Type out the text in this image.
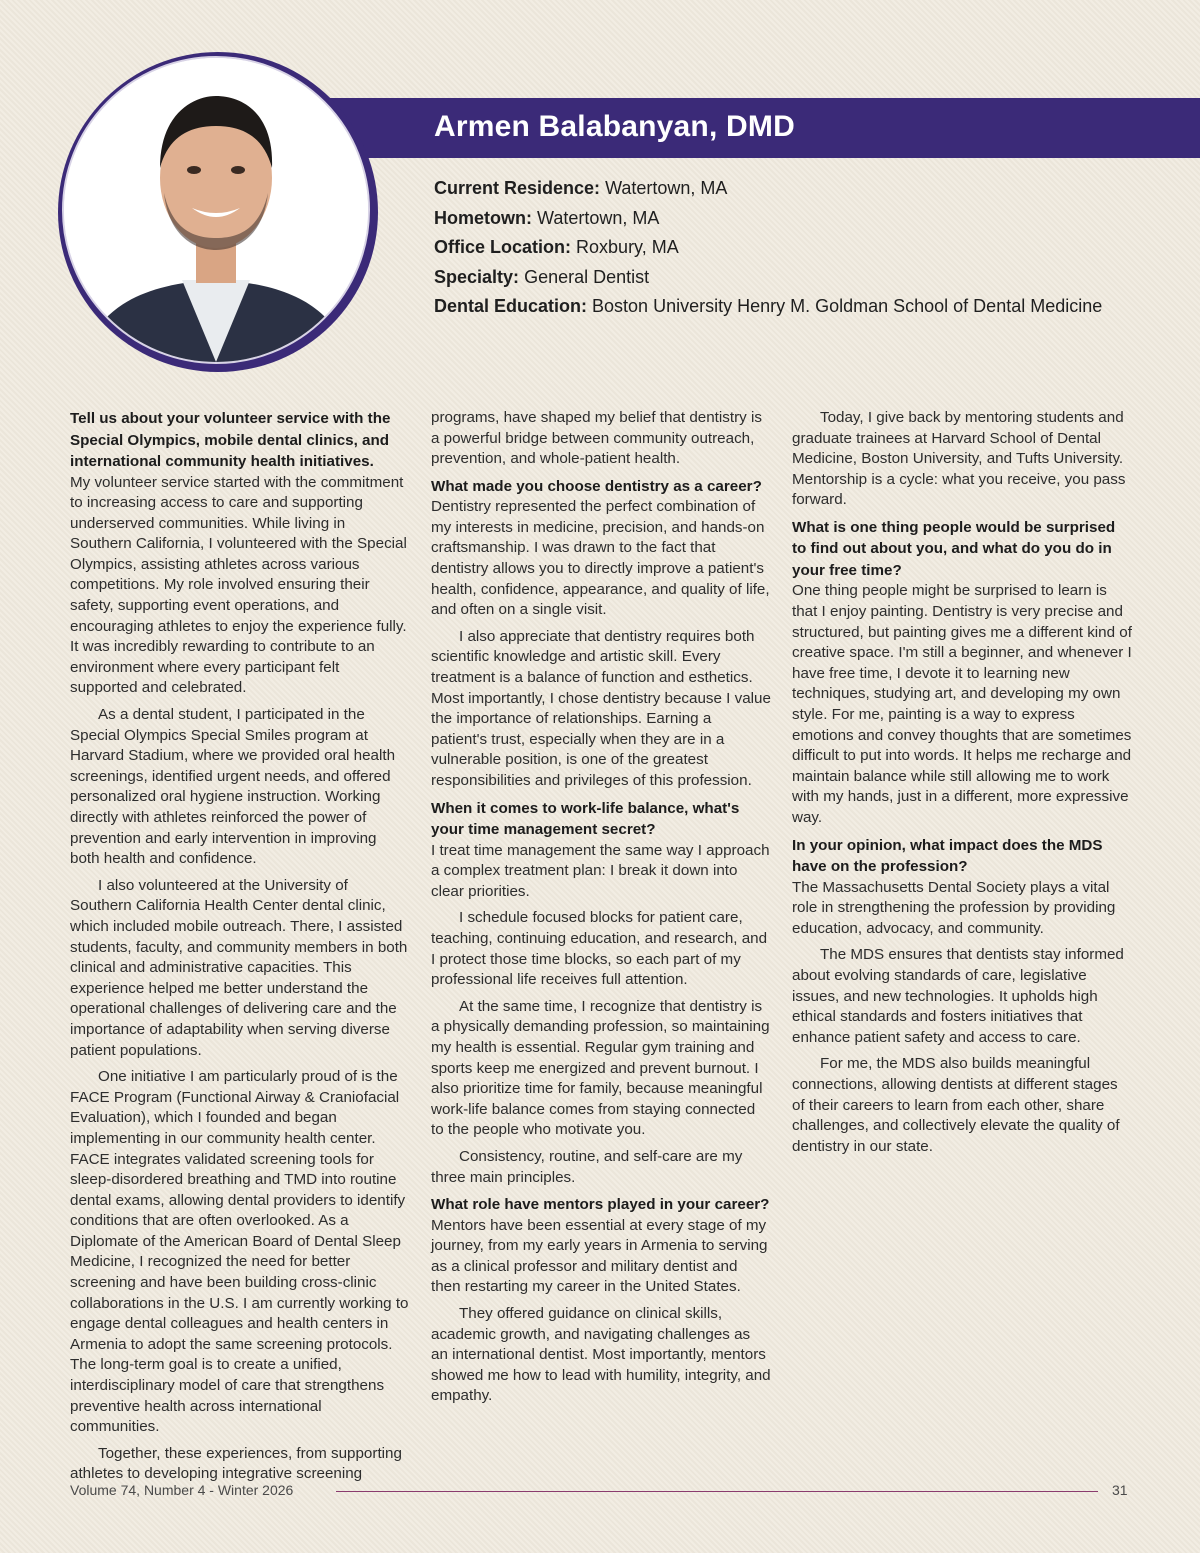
Armen Balabanyan, DMD
Current Residence: Watertown, MA
Hometown: Watertown, MA
Office Location: Roxbury, MA
Specialty: General Dentist
Dental Education: Boston University Henry M. Goldman School of Dental Medicine
Tell us about your volunteer service with the Special Olympics, mobile dental clinics, and international community health initiatives.

My volunteer service started with the commitment to increasing access to care and supporting underserved communities. While living in Southern California, I volunteered with the Special Olympics, assisting athletes across various competitions. My role involved ensuring their safety, supporting event operations, and encouraging athletes to enjoy the experience fully. It was incredibly rewarding to contribute to an environment where every participant felt supported and celebrated.

As a dental student, I participated in the Special Olympics Special Smiles program at Harvard Stadium, where we provided oral health screenings, identified urgent needs, and offered personalized oral hygiene instruction. Working directly with athletes reinforced the power of prevention and early intervention in improving both health and confidence.

I also volunteered at the University of Southern California Health Center dental clinic, which included mobile outreach. There, I assisted students, faculty, and community members in both clinical and administrative capacities. This experience helped me better understand the operational challenges of delivering care and the importance of adaptability when serving diverse patient populations.

One initiative I am particularly proud of is the FACE Program (Functional Airway & Craniofacial Evaluation), which I founded and began implementing in our community health center. FACE integrates validated screening tools for sleep-disordered breathing and TMD into routine dental exams, allowing dental providers to identify conditions that are often overlooked. As a Diplomate of the American Board of Dental Sleep Medicine, I recognized the need for better screening and have been building cross-clinic collaborations in the U.S. I am currently working to engage dental colleagues and health centers in Armenia to adopt the same screening protocols. The long-term goal is to create a unified, interdisciplinary model of care that strengthens preventive health across international communities.

Together, these experiences, from supporting athletes to developing integrative screening

programs, have shaped my belief that dentistry is a powerful bridge between community outreach, prevention, and whole-patient health.

What made you choose dentistry as a career?

Dentistry represented the perfect combination of my interests in medicine, precision, and hands-on craftsmanship. I was drawn to the fact that dentistry allows you to directly improve a patient's health, confidence, appearance, and quality of life, and often on a single visit.

I also appreciate that dentistry requires both scientific knowledge and artistic skill. Every treatment is a balance of function and esthetics. Most importantly, I chose dentistry because I value the importance of relationships. Earning a patient's trust, especially when they are in a vulnerable position, is one of the greatest responsibilities and privileges of this profession.

When it comes to work-life balance, what's your time management secret?

I treat time management the same way I approach a complex treatment plan: I break it down into clear priorities.

I schedule focused blocks for patient care, teaching, continuing education, and research, and I protect those time blocks, so each part of my professional life receives full attention.

At the same time, I recognize that dentistry is a physically demanding profession, so maintaining my health is essential. Regular gym training and sports keep me energized and prevent burnout. I also prioritize time for family, because meaningful work-life balance comes from staying connected to the people who motivate you.

Consistency, routine, and self-care are my three main principles.

What role have mentors played in your career?

Mentors have been essential at every stage of my journey, from my early years in Armenia to serving as a clinical professor and military dentist and then restarting my career in the United States.

They offered guidance on clinical skills, academic growth, and navigating challenges as an international dentist. Most importantly, mentors showed me how to lead with humility, integrity, and empathy.

Today, I give back by mentoring students and graduate trainees at Harvard School of Dental Medicine, Boston University, and Tufts University. Mentorship is a cycle: what you receive, you pass forward.

What is one thing people would be surprised to find out about you, and what do you do in your free time?

One thing people might be surprised to learn is that I enjoy painting. Dentistry is very precise and structured, but painting gives me a different kind of creative space. I'm still a beginner, and whenever I have free time, I devote it to learning new techniques, studying art, and developing my own style. For me, painting is a way to express emotions and convey thoughts that are sometimes difficult to put into words. It helps me recharge and maintain balance while still allowing me to work with my hands, just in a different, more expressive way.

In your opinion, what impact does the MDS have on the profession?

The Massachusetts Dental Society plays a vital role in strengthening the profession by providing education, advocacy, and community.

The MDS ensures that dentists stay informed about evolving standards of care, legislative issues, and new technologies. It upholds high ethical standards and fosters initiatives that enhance patient safety and access to care.

For me, the MDS also builds meaningful connections, allowing dentists at different stages of their careers to learn from each other, share challenges, and collectively elevate the quality of dentistry in our state.

Volume 74, Number 4 - Winter 2026	31
